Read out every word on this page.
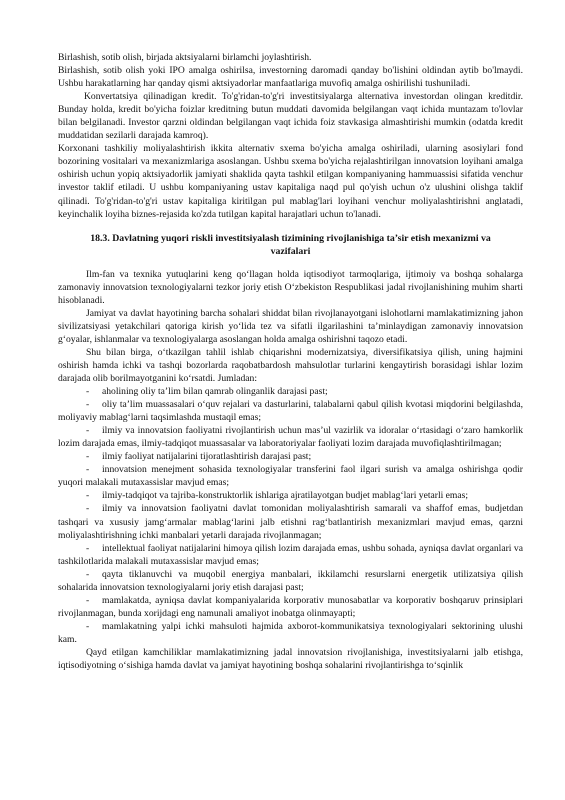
Birlashish, sotib olish, birjada aktsiyalarni birlamchi joylashtirish.

Birlashish, sotib olish yoki IPO amalga oshirilsa, investorning daromadi qanday bo'lishini oldindan aytib bo'lmaydi. Ushbu harakatlarning har qanday qismi aktsiyadorlar manfaatlariga muvofiq amalga oshirilishi tushuniladi.

Konvertatsiya qilinadigan kredit. To'g'ridan-to'g'ri investitsiyalarga alternativa investordan olingan kreditdir. Bunday holda, kredit bo'yicha foizlar kreditning butun muddati davomida belgilangan vaqt ichida muntazam to'lovlar bilan belgilanadi. Investor qarzni oldindan belgilangan vaqt ichida foiz stavkasiga almashtirishi mumkin (odatda kredit muddatidan sezilarli darajada kamroq).

Korxonani tashkiliy moliyalashtirish ikkita alternativ sxema bo'yicha amalga oshiriladi, ularning asosiylari fond bozorining vositalari va mexanizmlariga asoslangan. Ushbu sxema bo'yicha rejalashtirilgan innovatsion loyihani amalga oshirish uchun yopiq aktsiyadorlik jamiyati shaklida qayta tashkil etilgan kompaniyaning hammuassisi sifatida venchur investor taklif etiladi. U ushbu kompaniyaning ustav kapitaliga naqd pul qo'yish uchun o'z ulushini olishga taklif qilinadi. To'g'ridan-to'g'ri ustav kapitaliga kiritilgan pul mablag'lari loyihani venchur moliyalashtirishni anglatadi, keyinchalik loyiha biznes-rejasida ko'zda tutilgan kapital harajatlari uchun to'lanadi.

18.3. Davlatning yuqori riskli investitsiyalash tizimining rivojlanishiga ta’sir etish mexanizmi va vazifalari

Ilm-fan va texnika yutuqlarini keng qo‘llagan holda iqtisodiyot tarmoqlariga, ijtimoiy va boshqa sohalarga zamonaviy innovatsion texnologiyalarni tezkor joriy etish O‘zbekiston Respublikasi jadal rivojlanishining muhim sharti hisoblanadi.

Jamiyat va davlat hayotining barcha sohalari shiddat bilan rivojlanayotgani islohotlarni mamlakatimizning jahon sivilizatsiyasi yetakchilari qatoriga kirish yo‘lida tez va sifatli ilgarilashini ta’minlaydigan zamonaviy innovatsion g‘oyalar, ishlanmalar va texnologiyalarga asoslangan holda amalga oshirishni taqozo etadi.

Shu bilan birga, o‘tkazilgan tahlil ishlab chiqarishni modernizatsiya, diversifikatsiya qilish, uning hajmini oshirish hamda ichki va tashqi bozorlarda raqobatbardosh mahsulotlar turlarini kengaytirish borasidagi ishlar lozim darajada olib borilmayotganini ko‘rsatdi. Jumladan:

- aholining oliy ta’lim bilan qamrab olinganlik darajasi past;

- oliy ta’lim muassasalari o‘quv rejalari va dasturlarini, talabalarni qabul qilish kvotasi miqdorini belgilashda, moliyaviy mablag‘larni taqsimlashda mustaqil emas;

- ilmiy va innovatsion faoliyatni rivojlantirish uchun mas’ul vazirlik va idoralar o‘rtasidagi o‘zaro hamkorlik lozim darajada emas, ilmiy-tadqiqot muassasalar va laboratoriyalar faoliyati lozim darajada muvofiqlashtirilmagan;

- ilmiy faoliyat natijalarini tijoratlashtirish darajasi past;

- innovatsion menejment sohasida texnologiyalar transferini faol ilgari surish va amalga oshirishga qodir yuqori malakali mutaxassislar mavjud emas;

- ilmiy-tadqiqot va tajriba-konstruktorlik ishlariga ajratilayotgan budjet mablag‘lari yetarli emas;

- ilmiy va innovatsion faoliyatni davlat tomonidan moliyalashtirish samarali va shaffof emas, budjetdan tashqari va xususiy jamg‘armalar mablag‘larini jalb etishni rag‘batlantirish mexanizmlari mavjud emas, qarzni moliyalashtirishning ichki manbalari yetarli darajada rivojlanmagan;

- intellektual faoliyat natijalarini himoya qilish lozim darajada emas, ushbu sohada, ayniqsa davlat organlari va tashkilotlarida malakali mutaxassislar mavjud emas;

- qayta tiklanuvchi va muqobil energiya manbalari, ikkilamchi resurslarni energetik utilizatsiya qilish sohalarida innovatsion texnologiyalarni joriy etish darajasi past;

- mamlakatda, ayniqsa davlat kompaniyalarida korporativ munosabatlar va korporativ boshqaruv prinsiplari rivojlanmagan, bunda xorijdagi eng namunali amaliyot inobatga olinmayapti;

- mamlakatning yalpi ichki mahsuloti hajmida axborot-kommunikatsiya texnologiyalari sektorining ulushi kam.

Qayd etilgan kamchiliklar mamlakatimizning jadal innovatsion rivojlanishiga, investitsiyalarni jalb etishga, iqtisodiyotning o‘sishiga hamda davlat va jamiyat hayotining boshqa sohalarini rivojlantirishga to‘sqinlik
